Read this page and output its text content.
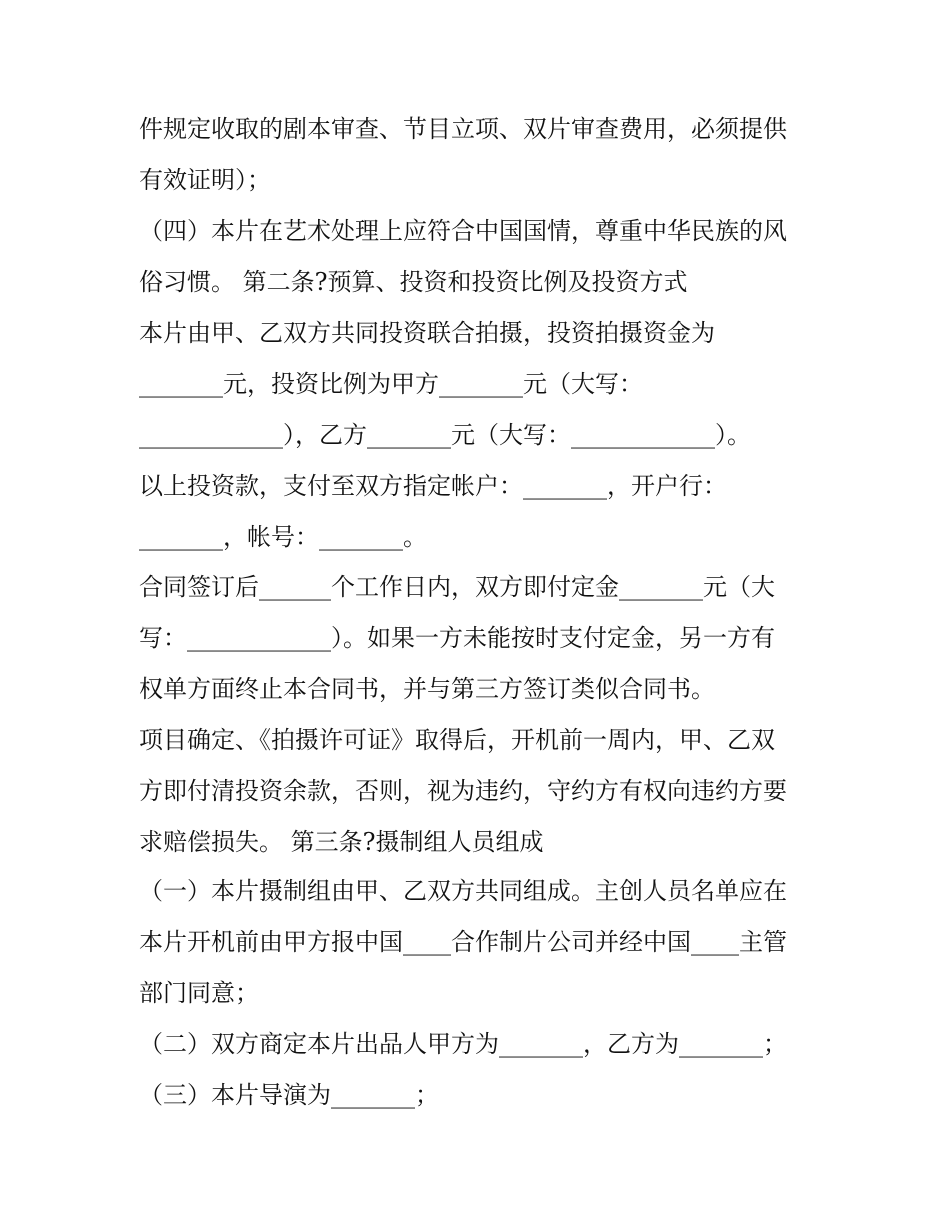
件规定收取的剧本审查、节目立项、双片审查费用，必须提供
有效证明）；
（四）本片在艺术处理上应符合中国国情，尊重中华民族的风
俗习惯。 第二条?预算、投资和投资比例及投资方式
本片由甲、乙双方共同投资联合拍摄，投资拍摄资金为
_______元，投资比例为甲方_______元（大写：
____________），乙方_______元（大写：____________）。
以上投资款，支付至双方指定帐户：_______，开户行：
_______，帐号：_______。
合同签订后______个工作日内，双方即付定金_______元（大
写：____________）。如果一方未能按时支付定金，另一方有
权单方面终止本合同书，并与第三方签订类似合同书。
项目确定、《拍摄许可证》取得后，开机前一周内，甲、乙双
方即付清投资余款，否则，视为违约，守约方有权向违约方要
求赔偿损失。 第三条?摄制组人员组成
（一）本片摄制组由甲、乙双方共同组成。主创人员名单应在
本片开机前由甲方报中国____合作制片公司并经中国____主管
部门同意；
（二）双方商定本片出品人甲方为_______，乙方为_______；
（三）本片导演为_______；
